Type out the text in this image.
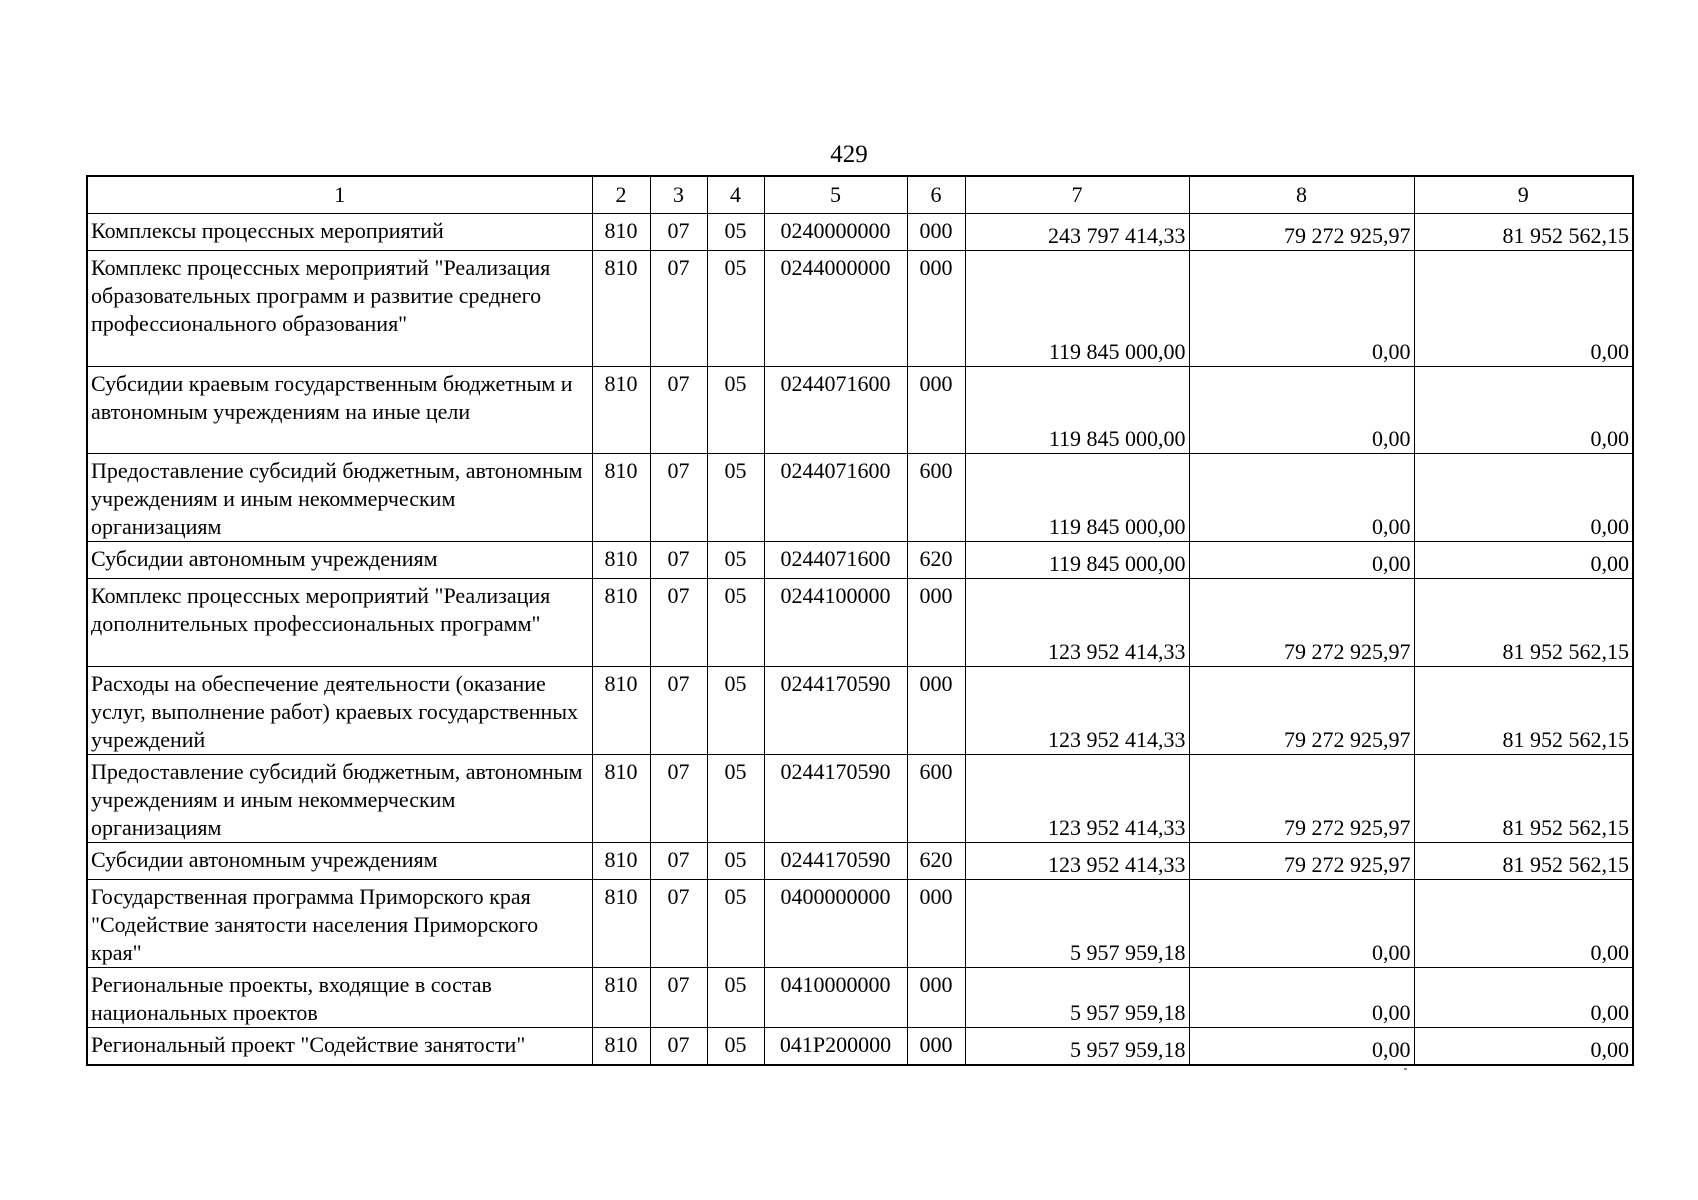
429
1	2	3	4	5	6	7	8	9
Комплексы процессных мероприятий	810	07	05	0240000000	000	243 797 414,33	79 272 925,97	81 952 562,15
Комплекс процессных мероприятий "Реализация образовательных программ и развитие среднего профессионального образования"	810	07	05	0244000000	000	119 845 000,00	0,00	0,00
Субсидии краевым государственным бюджетным и автономным учреждениям на иные цели	810	07	05	0244071600	000	119 845 000,00	0,00	0,00
Предоставление субсидий бюджетным, автономным учреждениям и иным некоммерческим организациям	810	07	05	0244071600	600	119 845 000,00	0,00	0,00
Субсидии автономным учреждениям	810	07	05	0244071600	620	119 845 000,00	0,00	0,00
Комплекс процессных мероприятий "Реализация дополнительных профессиональных программ"	810	07	05	0244100000	000	123 952 414,33	79 272 925,97	81 952 562,15
Расходы на обеспечение деятельности (оказание услуг, выполнение работ) краевых государственных учреждений	810	07	05	0244170590	000	123 952 414,33	79 272 925,97	81 952 562,15
Предоставление субсидий бюджетным, автономным учреждениям и иным некоммерческим организациям	810	07	05	0244170590	600	123 952 414,33	79 272 925,97	81 952 562,15
Субсидии автономным учреждениям	810	07	05	0244170590	620	123 952 414,33	79 272 925,97	81 952 562,15
Государственная программа Приморского края "Содействие занятости населения Приморского края"	810	07	05	0400000000	000	5 957 959,18	0,00	0,00
Региональные проекты, входящие в состав национальных проектов	810	07	05	0410000000	000	5 957 959,18	0,00	0,00
Региональный проект "Содействие занятости"	810	07	05	041P200000	000	5 957 959,18	0,00	0,00
